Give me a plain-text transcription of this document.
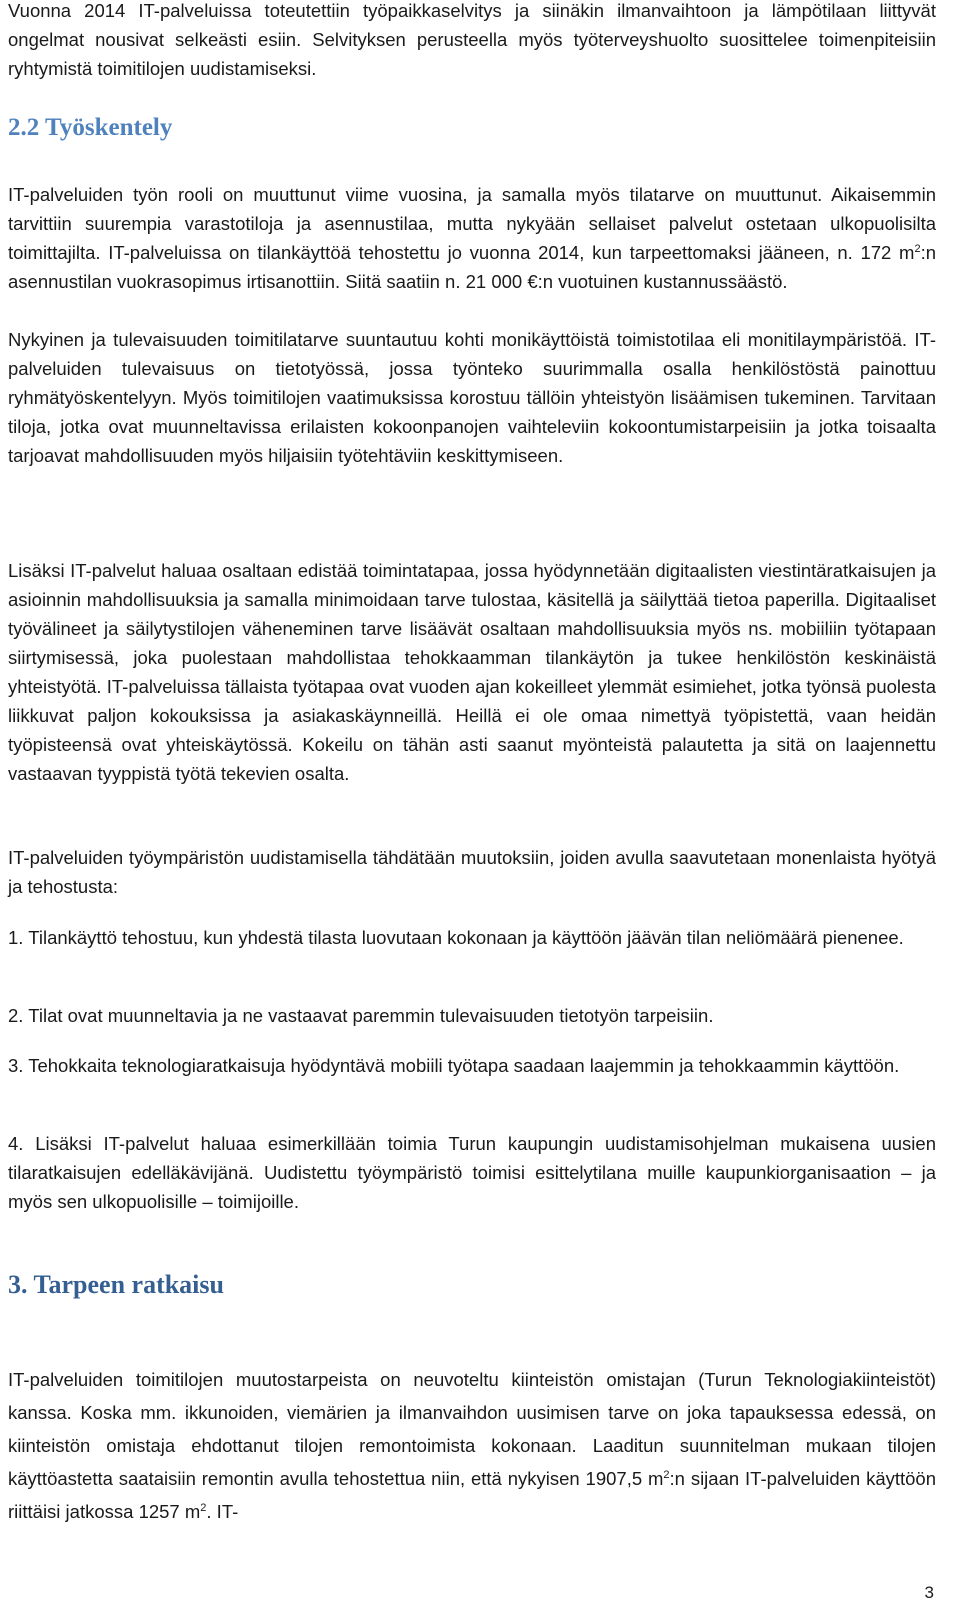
Vuonna 2014 IT-palveluissa toteutettiin työpaikkaselvitys ja siinäkin ilmanvaihtoon ja lämpötilaan liittyvät ongelmat nousivat selkeästi esiin. Selvityksen perusteella myös työterveyshuolto suosittelee toimenpiteisiin ryhtymistä toimitilojen uudistamiseksi.

2.2 Työskentely

IT-palveluiden työn rooli on muuttunut viime vuosina, ja samalla myös tilatarve on muuttunut. Aikaisemmin tarvittiin suurempia varastotiloja ja asennustilaa, mutta nykyään sellaiset palvelut ostetaan ulkopuolisilta toimittajilta. IT-palveluissa on tilankäyttöä tehostettu jo vuonna 2014, kun tarpeettomaksi jääneen, n. 172 $m^2:n$ asennustilan vuokrasopimus irtisanottiin. Siitä saatiin n. 21 000 €:n vuotuinen kustannussäästö.

Nykyinen ja tulevaisuuden toimitilatarve suuntautuu kohti monikäyttöistä toimistotilaa eli monitilaympäristöä. IT-palveluiden tulevaisuus on tietotyössä, jossa työnteko suurimmalla osalla henkilöstöstä painottuu ryhmätyöskentelyyn. Myös toimitilojen vaatimuksissa korostuu tällöin yhteistyön lisäämisen tukeminen. Tarvitaan tiloja, jotka ovat muunneltavissa erilaisten kokoonpanojen vaihteleviin kokoontumistarpeisiin ja jotka toisaalta tarjoavat mahdollisuuden myös hiljaisiin työtehtäviin keskittymiseen.

Lisäksi IT-palvelut haluaa osaltaan edistää toimintatapaa, jossa hyödynnetään digitaalisten viestintäratkaisujen ja asioinnin mahdollisuuksia ja samalla minimoidaan tarve tulostaa, käsitellä ja säilyttää tietoa paperilla. Digitaaliset työvälineet ja säilytystilojen väheneminen tarve lisäävät osaltaan mahdollisuuksia myös ns. mobiiliin työtapaan siirtymisessä, joka puolestaan mahdollistaa tehokkaamman tilankäytön ja tukee henkilöstön keskinäistä yhteistyötä. IT-palveluissa tällaista työtapaa ovat vuoden ajan kokeilleet ylemmät esimiehet, jotka työnsä puolesta liikkuvat paljon kokouksissa ja asiakaskäynneillä. Heillä ei ole omaa nimettyä työpistettä, vaan heidän työpisteensä ovat yhteiskäytössä. Kokeilu on tähän asti saanut myönteistä palautetta ja sitä on laajennettu vastaavan tyyppistä työtä tekevien osalta.

IT-palveluiden työympäristön uudistamisella tähdätään muutoksiin, joiden avulla saavutetaan monenlaista hyötyä ja tehostusta:

1. Tilankäyttö tehostuu, kun yhdestä tilasta luovutaan kokonaan ja käyttöön jäävän tilan neliömäärä pienenee.

2. Tilat ovat muunneltavia ja ne vastaavat paremmin tulevaisuuden tietotyön tarpeisiin.

3. Tehokkaita teknologiaratkaisuja hyödyntävä mobiili työtapa saadaan laajemmin ja tehokkaammin käyttöön.

4. Lisäksi IT-palvelut haluaa esimerkillään toimia Turun kaupungin uudistamisohjelman mukaisena uusien tilaratkaisujen edelläkävijänä. Uudistettu työympäristö toimisi esittelytilana muille kaupunkiorganisaation – ja myös sen ulkopuolisille – toimijoille.

3. Tarpeen ratkaisu

IT-palveluiden toimitilojen muutostarpeista on neuvoteltu kiinteistön omistajan (Turun Teknologiakiinteistöt) kanssa. Koska mm. ikkunoiden, viemärien ja ilmanvaihdon uusimisen tarve on joka tapauksessa edessä, on kiinteistön omistaja ehdottanut tilojen remontoimista kokonaan. Laaditun suunnitelman mukaan tilojen käyttöastetta saataisiin remontin avulla tehostettua niin, että nykyisen 1907,5 $m^2:n$ sijaan IT-palveluiden käyttöön riittäisi jatkossa 1257 $m^2$. IT-

3
